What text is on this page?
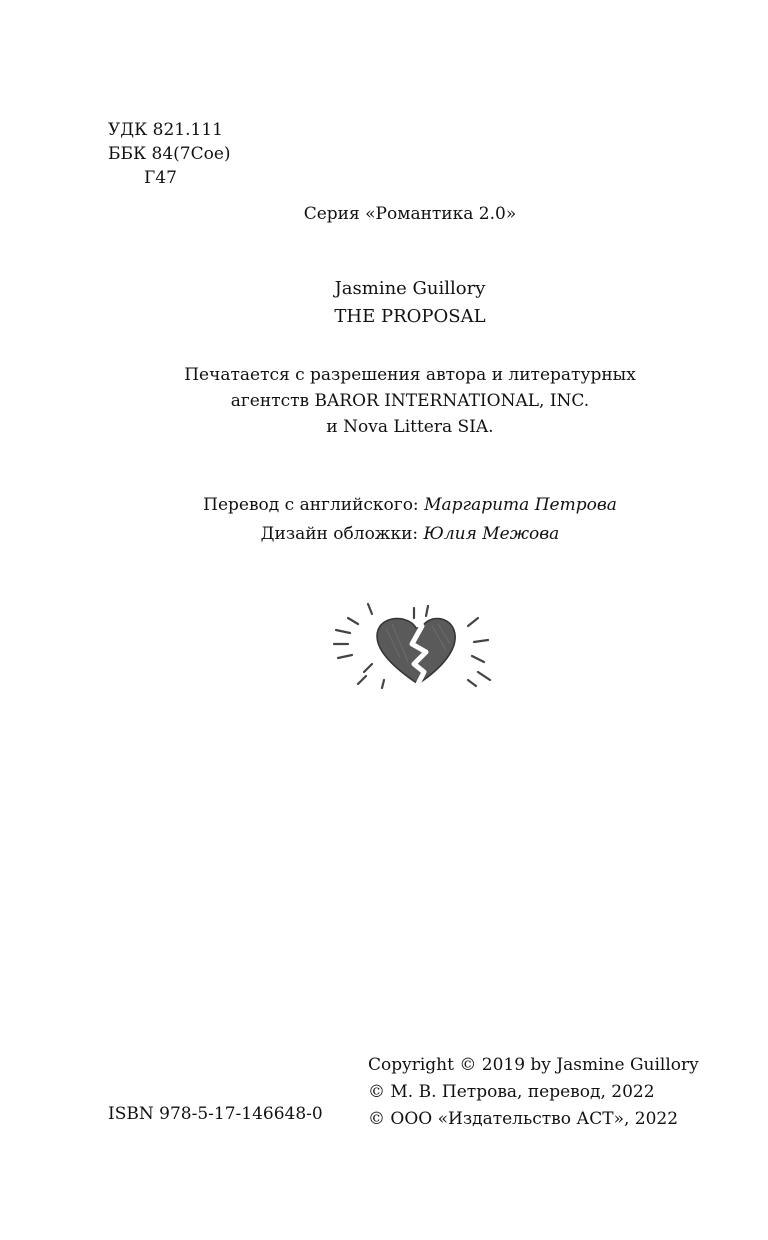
УДК 821.111
ББК 84(7Сое)
Г47
Серия «Романтика 2.0»
Jasmine Guillory
THE PROPOSAL
Печатается с разрешения автора и литературных
агентств BAROR INTERNATIONAL, INC.
и Nova Littera SIA.
Перевод с английского: Маргарита Петрова
Дизайн обложки: Юлия Межова
ISBN 978-5-17-146648-0
Copyright © 2019 by Jasmine Guillory
© М. В. Петрова, перевод, 2022
© ООО «Издательство АСТ», 2022
